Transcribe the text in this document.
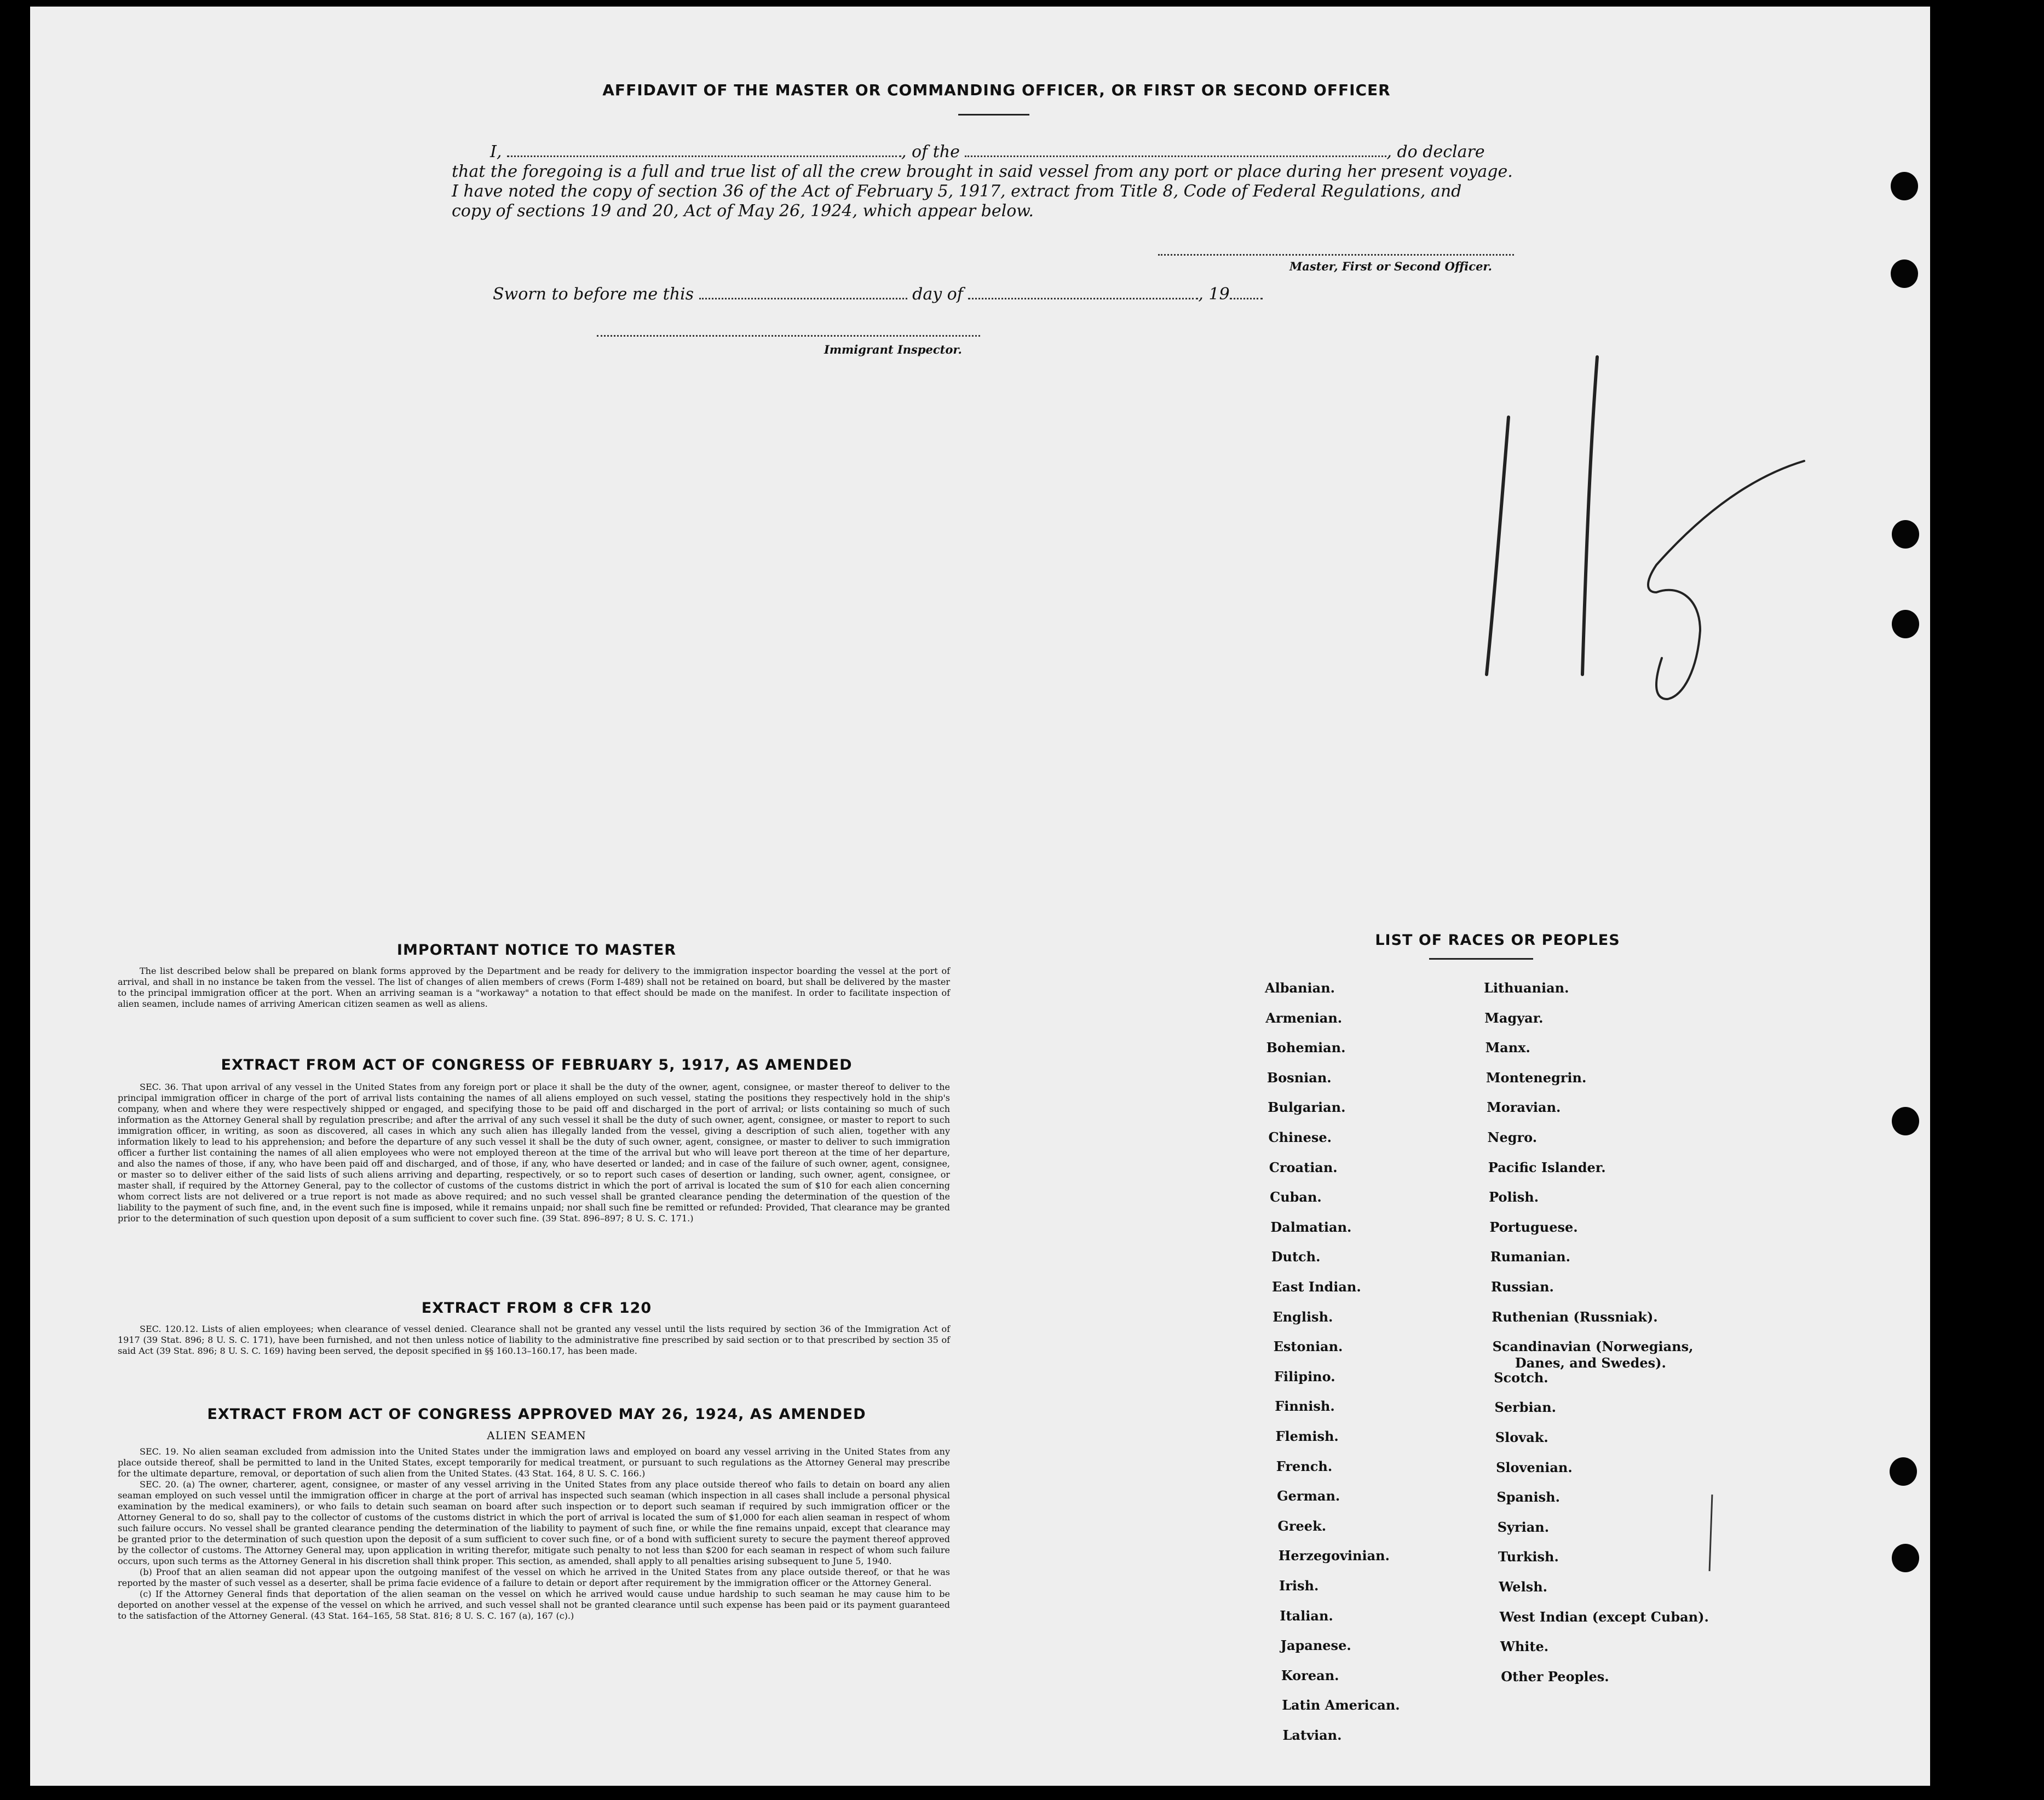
AFFIDAVIT OF THE MASTER OR COMMANDING OFFICER, OR FIRST OR SECOND OFFICER
I,	, of the	, do declare
that the foregoing is a full and true list of all the crew brought in said vessel from any port or place during her present voyage.
I have noted the copy of section 36 of the Act of February 5, 1917, extract from Title 8, Code of Federal Regulations, and
copy of sections 19 and 20, Act of May 26, 1924, which appear below.
Master, First or Second Officer.
Sworn to before me this	day of	, 19
Immigrant Inspector.
IMPORTANT NOTICE TO MASTER
The list described below shall be prepared on blank forms approved by the Department and be ready for delivery to the immigration inspector boarding the vessel at the port of arrival, and shall in no instance be taken from the vessel. The list of changes of alien members of crews (Form I-489) shall not be retained on board, but shall be delivered by the master to the principal immigration officer at the port. When an arriving seaman is a "workaway" a notation to that effect should be made on the manifest. In order to facilitate inspection of alien seamen, include names of arriving American citizen seamen as well as aliens.
EXTRACT FROM ACT OF CONGRESS OF FEBRUARY 5, 1917, AS AMENDED
SEC. 36. That upon arrival of any vessel in the United States from any foreign port or place it shall be the duty of the owner, agent, consignee, or master thereof to deliver to the principal immigration officer in charge of the port of arrival lists containing the names of all aliens employed on such vessel, stating the positions they respectively hold in the ship's company, when and where they were respectively shipped or engaged, and specifying those to be paid off and discharged in the port of arrival; or lists containing so much of such information as the Attorney General shall by regulation prescribe; and after the arrival of any such vessel it shall be the duty of such owner, agent, consignee, or master to report to such immigration officer, in writing, as soon as discovered, all cases in which any such alien has illegally landed from the vessel, giving a description of such alien, together with any information likely to lead to his apprehension; and before the departure of any such vessel it shall be the duty of such owner, agent, consignee, or master to deliver to such immigration officer a further list containing the names of all alien employees who were not employed thereon at the time of the arrival but who will leave port thereon at the time of her departure, and also the names of those, if any, who have been paid off and discharged, and of those, if any, who have deserted or landed; and in case of the failure of such owner, agent, consignee, or master so to deliver either of the said lists of such aliens arriving and departing, respectively, or so to report such cases of desertion or landing, such owner, agent, consignee, or master shall, if required by the Attorney General, pay to the collector of customs of the customs district in which the port of arrival is located the sum of $10 for each alien concerning whom correct lists are not delivered or a true report is not made as above required; and no such vessel shall be granted clearance pending the determination of the question of the liability to the payment of such fine, and, in the event such fine is imposed, while it remains unpaid; nor shall such fine be remitted or refunded: Provided, That clearance may be granted prior to the determination of such question upon deposit of a sum sufficient to cover such fine. (39 Stat. 896–897; 8 U. S. C. 171.)
EXTRACT FROM 8 CFR 120
SEC. 120.12. Lists of alien employees; when clearance of vessel denied. Clearance shall not be granted any vessel until the lists required by section 36 of the Immigration Act of 1917 (39 Stat. 896; 8 U. S. C. 171), have been furnished, and not then unless notice of liability to the administrative fine prescribed by said section or to that prescribed by section 35 of said Act (39 Stat. 896; 8 U. S. C. 169) having been served, the deposit specified in §§ 160.13–160.17, has been made.
EXTRACT FROM ACT OF CONGRESS APPROVED MAY 26, 1924, AS AMENDED
ALIEN SEAMEN
SEC. 19. No alien seaman excluded from admission into the United States under the immigration laws and employed on board any vessel arriving in the United States from any place outside thereof, shall be permitted to land in the United States, except temporarily for medical treatment, or pursuant to such regulations as the Attorney General may prescribe for the ultimate departure, removal, or deportation of such alien from the United States. (43 Stat. 164, 8 U. S. C. 166.)
SEC. 20. (a) The owner, charterer, agent, consignee, or master of any vessel arriving in the United States from any place outside thereof who fails to detain on board any alien seaman employed on such vessel until the immigration officer in charge at the port of arrival has inspected such seaman (which inspection in all cases shall include a personal physical examination by the medical examiners), or who fails to detain such seaman on board after such inspection or to deport such seaman if required by such immigration officer or the Attorney General to do so, shall pay to the collector of customs of the customs district in which the port of arrival is located the sum of $1,000 for each alien seaman in respect of whom such failure occurs. No vessel shall be granted clearance pending the determination of the liability to payment of such fine, or while the fine remains unpaid, except that clearance may be granted prior to the determination of such question upon the deposit of a sum sufficient to cover such fine, or of a bond with sufficient surety to secure the payment thereof approved by the collector of customs. The Attorney General may, upon application in writing therefor, mitigate such penalty to not less than $200 for each seaman in respect of whom such failure occurs, upon such terms as the Attorney General in his discretion shall think proper. This section, as amended, shall apply to all penalties arising subsequent to June 5, 1940.
(b) Proof that an alien seaman did not appear upon the outgoing manifest of the vessel on which he arrived in the United States from any place outside thereof, or that he was reported by the master of such vessel as a deserter, shall be prima facie evidence of a failure to detain or deport after requirement by the immigration officer or the Attorney General.
(c) If the Attorney General finds that deportation of the alien seaman on the vessel on which he arrived would cause undue hardship to such seaman he may cause him to be deported on another vessel at the expense of the vessel on which he arrived, and such vessel shall not be granted clearance until such expense has been paid or its payment guaranteed to the satisfaction of the Attorney General. (43 Stat. 164–165, 58 Stat. 816; 8 U. S. C. 167 (a), 167 (c).)
LIST OF RACES OR PEOPLES
Albanian.
Armenian.
Bohemian.
Bosnian.
Bulgarian.
Chinese.
Croatian.
Cuban.
Dalmatian.
Dutch.
East Indian.
English.
Estonian.
Filipino.
Finnish.
Flemish.
French.
German.
Greek.
Herzegovinian.
Irish.
Italian.
Japanese.
Korean.
Latin American.
Latvian.
Lithuanian.
Magyar.
Manx.
Montenegrin.
Moravian.
Negro.
Pacific Islander.
Polish.
Portuguese.
Rumanian.
Russian.
Ruthenian (Russniak).
Scandinavian (Norwegians,
Danes, and Swedes).
Scotch.
Serbian.
Slovak.
Slovenian.
Spanish.
Syrian.
Turkish.
Welsh.
West Indian (except Cuban).
White.
Other Peoples.
